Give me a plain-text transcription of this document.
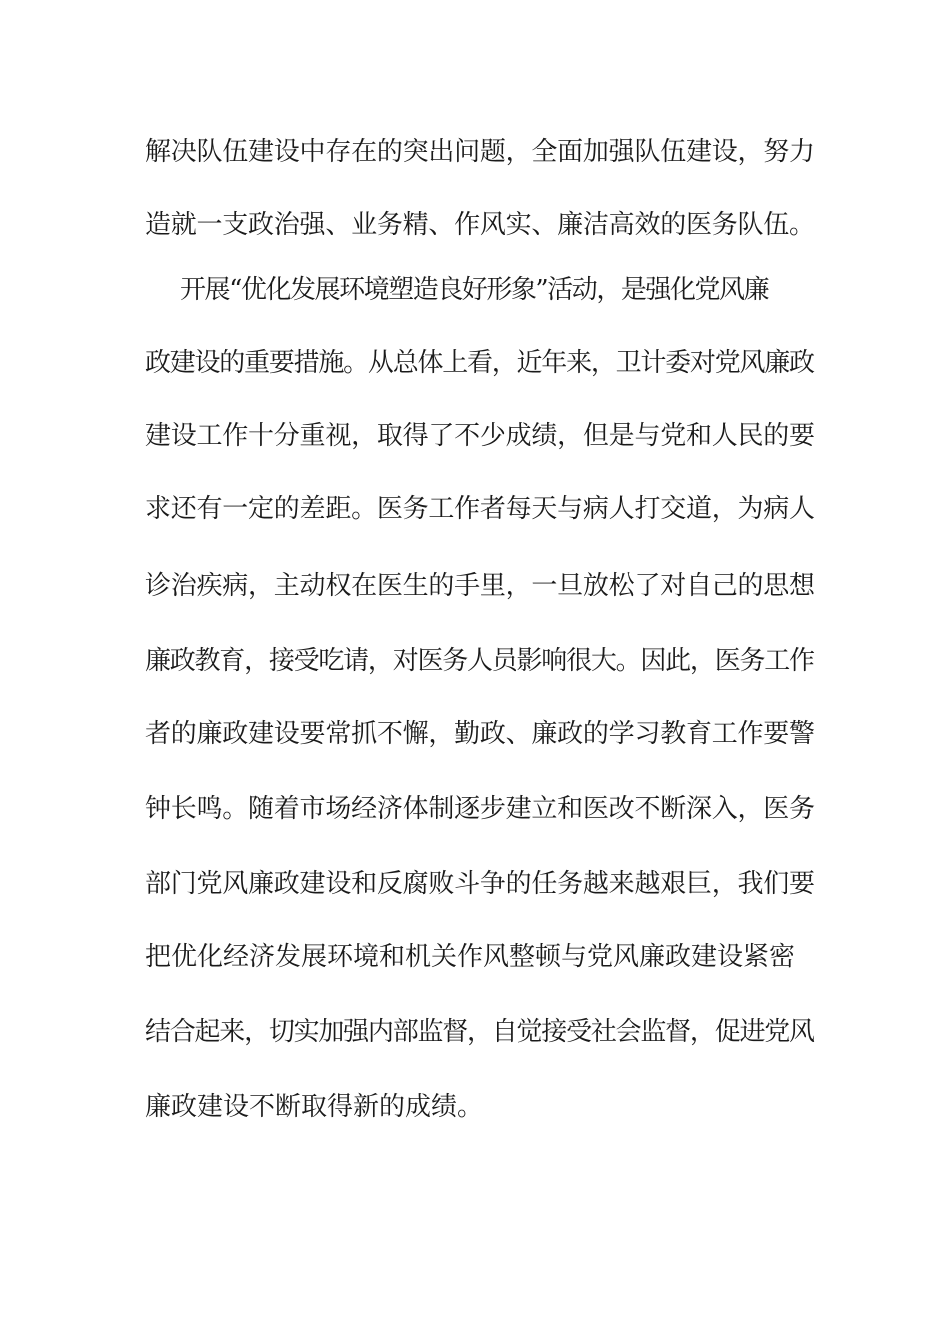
解决队伍建设中存在的突出问题，全面加强队伍建设，努力
造就一支政治强、业务精、作风实、廉洁高效的医务队伍。
开展“优化发展环境塑造良好形象”活动，是强化党风廉
政建设的重要措施。从总体上看，近年来，卫计委对党风廉政
建设工作十分重视，取得了不少成绩，但是与党和人民的要
求还有一定的差距。医务工作者每天与病人打交道，为病人
诊治疾病，主动权在医生的手里，一旦放松了对自己的思想
廉政教育，接受吃请，对医务人员影响很大。因此，医务工作
者的廉政建设要常抓不懈，勤政、廉政的学习教育工作要警
钟长鸣。随着市场经济体制逐步建立和医改不断深入，医务
部门党风廉政建设和反腐败斗争的任务越来越艰巨，我们要
把优化经济发展环境和机关作风整顿与党风廉政建设紧密
结合起来，切实加强内部监督，自觉接受社会监督，促进党风
廉政建设不断取得新的成绩。
